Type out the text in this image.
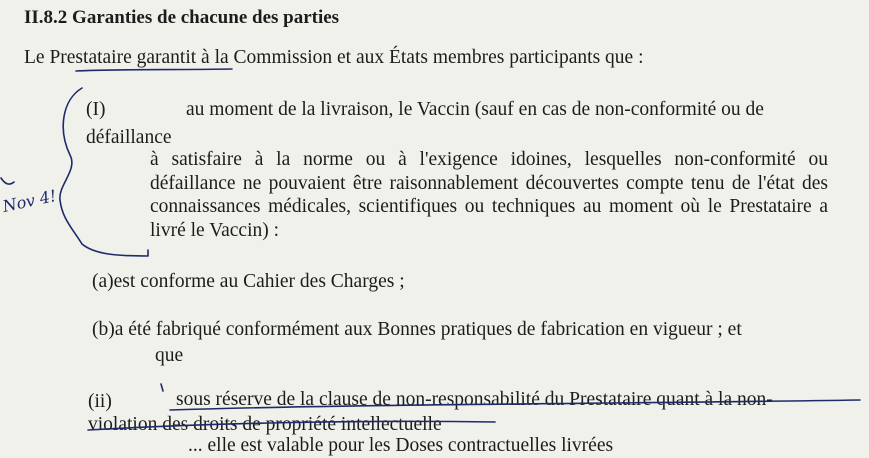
II.8.2 Garanties de chacune des parties
Le Prestataire garantit à la Commission et aux États membres participants que :
(I)	au moment de la livraison, le Vaccin (sauf en cas de non-conformité ou de
défaillance
à satisfaire à la norme ou à l'exigence idoines, lesquelles non-conformité ou défaillance ne pouvaient être raisonnablement découvertes compte tenu de l'état des connaissances médicales, scientifiques ou techniques au moment où le Prestataire a livré le Vaccin) :
(a)est conforme au Cahier des Charges ;
(b)a été fabriqué conformément aux Bonnes pratiques de fabrication en vigueur ; et
que
(ii)	sous réserve de la clause de non-responsabilité du Prestataire quant à la non-
violation des droits de propriété intellectuelle
... elle est valable pour les Doses contractuelles livrées
Nov 4!
